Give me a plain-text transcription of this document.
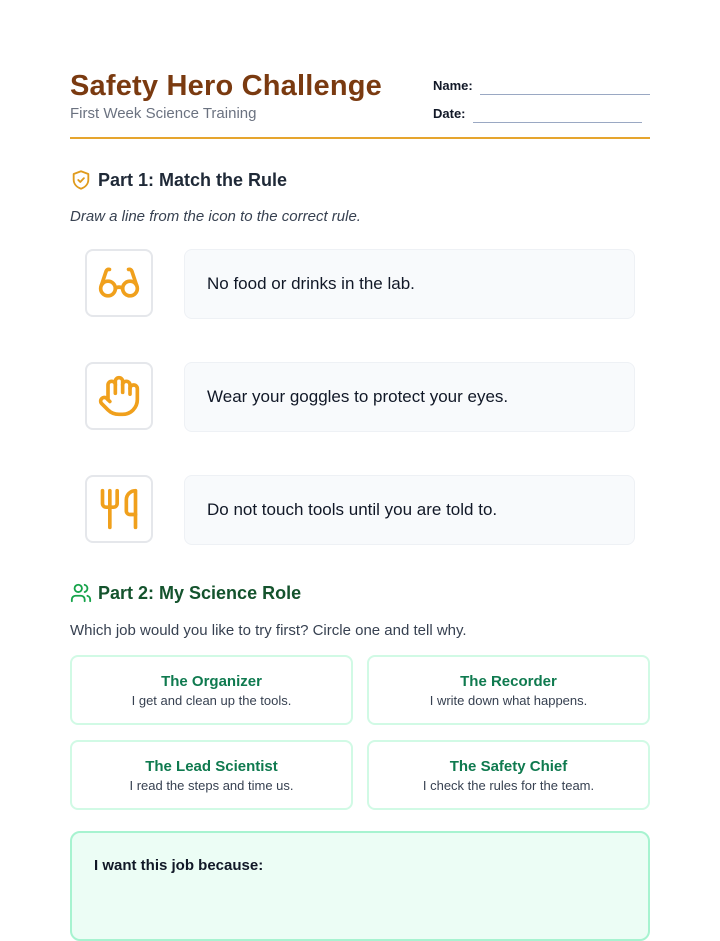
Safety Hero Challenge
First Week Science Training
Name:
Date:
Part 1: Match the Rule
Draw a line from the icon to the correct rule.
No food or drinks in the lab.
Wear your goggles to protect your eyes.
Do not touch tools until you are told to.
Part 2: My Science Role
Which job would you like to try first? Circle one and tell why.
The Organizer
I get and clean up the tools.
The Recorder
I write down what happens.
The Lead Scientist
I read the steps and time us.
The Safety Chief
I check the rules for the team.
I want this job because:
